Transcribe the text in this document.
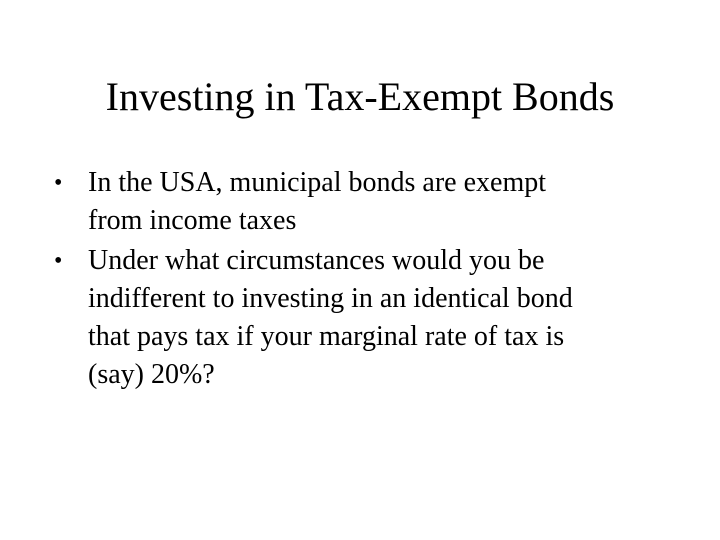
Investing in Tax-Exempt Bonds
• In the USA, municipal bonds are exempt
from income taxes
• Under what circumstances would you be
indifferent to investing in an identical bond
that pays tax if your marginal rate of tax is
(say) 20%?
